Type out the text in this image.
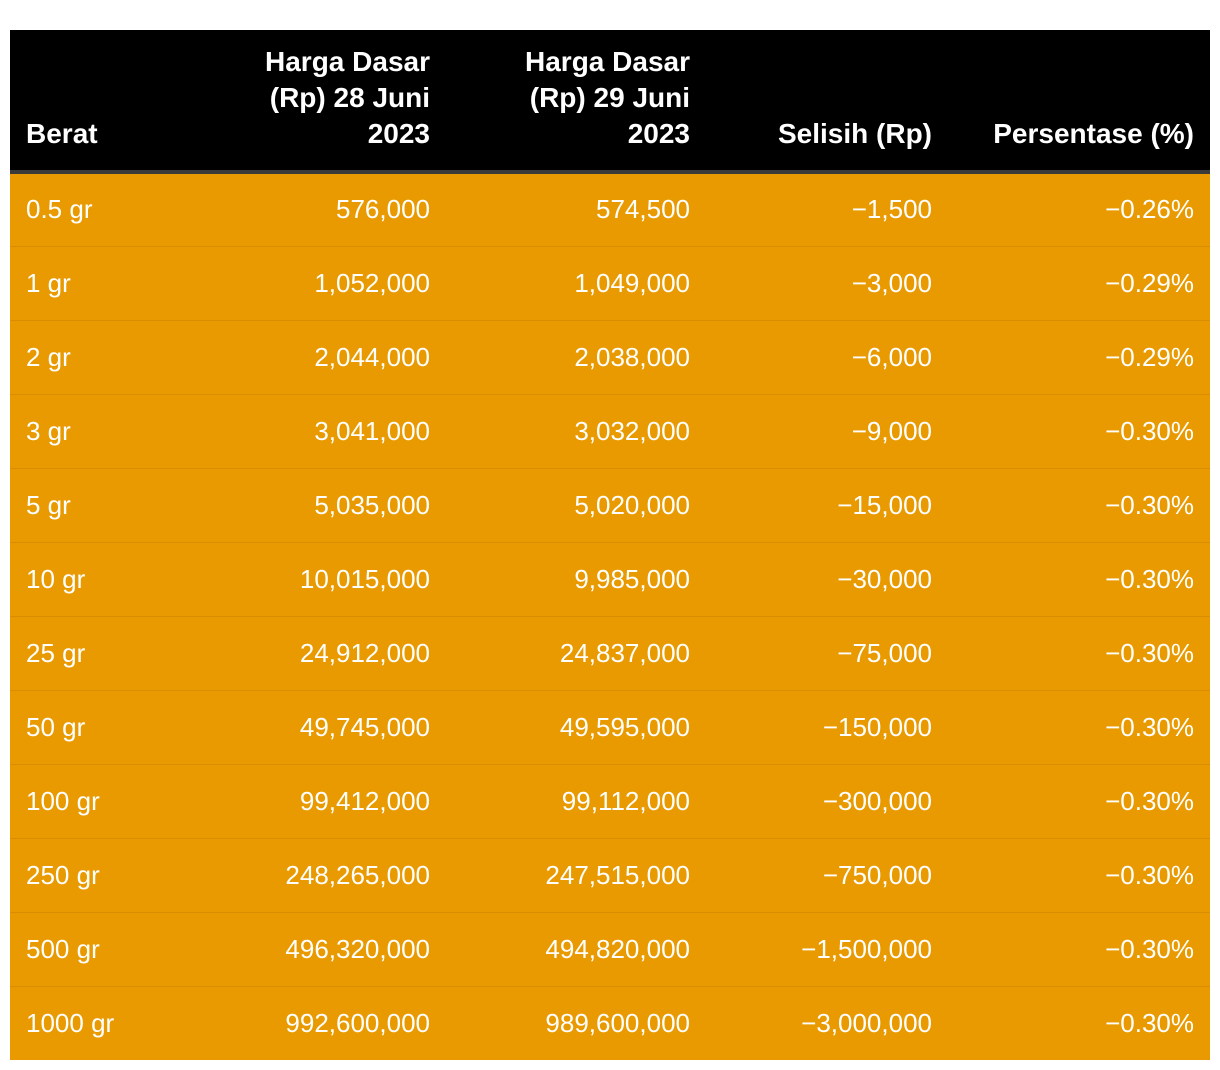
Berat	Harga Dasar (Rp) 28 Juni 2023	Harga Dasar (Rp) 29 Juni 2023	Selisih (Rp)	Persentase (%)
0.5 gr	576,000	574,500	−1,500	−0.26%
1 gr	1,052,000	1,049,000	−3,000	−0.29%
2 gr	2,044,000	2,038,000	−6,000	−0.29%
3 gr	3,041,000	3,032,000	−9,000	−0.30%
5 gr	5,035,000	5,020,000	−15,000	−0.30%
10 gr	10,015,000	9,985,000	−30,000	−0.30%
25 gr	24,912,000	24,837,000	−75,000	−0.30%
50 gr	49,745,000	49,595,000	−150,000	−0.30%
100 gr	99,412,000	99,112,000	−300,000	−0.30%
250 gr	248,265,000	247,515,000	−750,000	−0.30%
500 gr	496,320,000	494,820,000	−1,500,000	−0.30%
1000 gr	992,600,000	989,600,000	−3,000,000	−0.30%
